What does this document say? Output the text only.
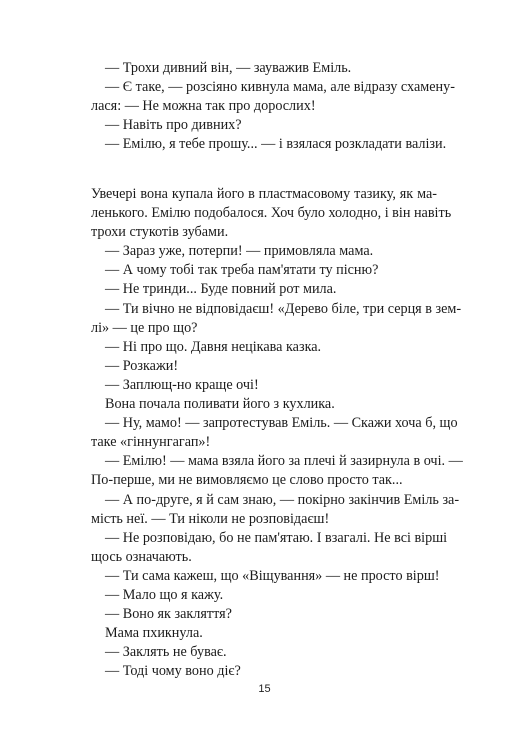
— Трохи дивний він, — зауважив Еміль.
— Є таке, — розсіяно кивнула мама, але відразу схамену-
лася: — Не можна так про дорослих!
— Навіть про дивних?
— Емілю, я тебе прошу... — і взялася розкладати валізи.
Увечері вона купала його в пластмасовому тазику, як ма-
ленького. Емілю подобалося. Хоч було холодно, і він навіть
трохи стукотів зубами.
— Зараз уже, потерпи! — примовляла мама.
— А чому тобі так треба пам'ятати ту пісню?
— Не тринди... Буде повний рот мила.
— Ти вічно не відповідаєш! «Дерево біле, три серця в зем-
лі» — це про що?
— Ні про що. Давня нецікава казка.
— Розкажи!
— Заплющ-но краще очі!
Вона почала поливати його з кухлика.
— Ну, мамо! — запротестував Еміль. — Скажи хоча б, що
таке «гіннунгагап»!
— Емілю! — мама взяла його за плечі й зазирнула в очі. —
По-перше, ми не вимовляємо це слово просто так...
— А по-друге, я й сам знаю, — покірно закінчив Еміль за-
мість неї. — Ти ніколи не розповідаєш!
— Не розповідаю, бо не пам'ятаю. І взагалі. Не всі вірші
щось означають.
— Ти сама кажеш, що «Віщування» — не просто вірш!
— Мало що я кажу.
— Воно як закляття?
Мама пхикнула.
— Заклять не буває.
— Тоді чому воно діє?
15
